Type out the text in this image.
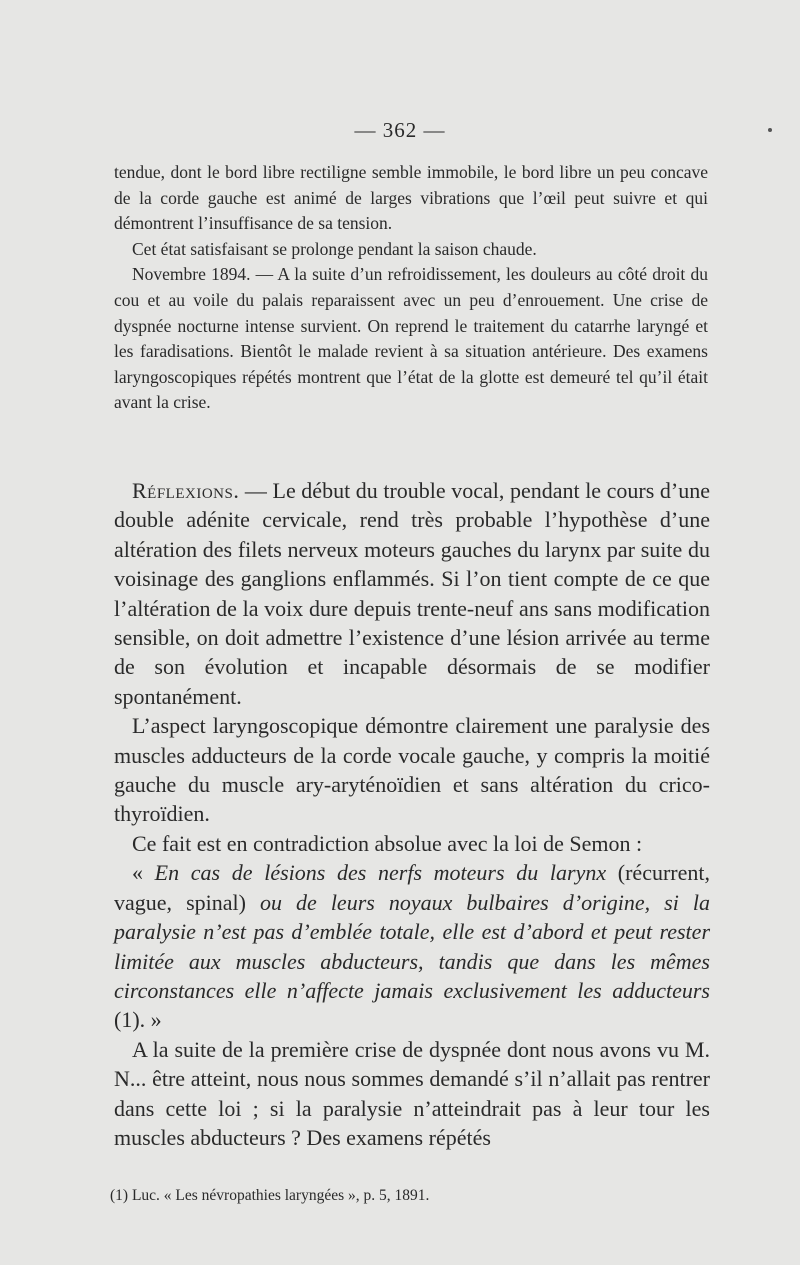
— 362 —

tendue, dont le bord libre rectiligne semble immobile, le bord libre un peu concave de la corde gauche est animé de larges vibrations que l’œil peut suivre et qui démontrent l’insuffisance de sa tension.

Cet état satisfaisant se prolonge pendant la saison chaude.

Novembre 1894. — A la suite d’un refroidissement, les douleurs au côté droit du cou et au voile du palais reparaissent avec un peu d’enrouement. Une crise de dyspnée nocturne intense survient. On reprend le traitement du catarrhe laryngé et les faradisations. Bientôt le malade revient à sa situation antérieure. Des examens laryngoscopiques répétés montrent que l’état de la glotte est demeuré tel qu’il était avant la crise.

Réflexions. — Le début du trouble vocal, pendant le cours d’une double adénite cervicale, rend très probable l’hypothèse d’une altération des filets nerveux moteurs gauches du larynx par suite du voisinage des ganglions enflammés. Si l’on tient compte de ce que l’altération de la voix dure depuis trente-neuf ans sans modification sensible, on doit admettre l’existence d’une lésion arrivée au terme de son évolution et incapable désormais de se modifier spontanément.

L’aspect laryngoscopique démontre clairement une paralysie des muscles adducteurs de la corde vocale gauche, y compris la moitié gauche du muscle ary-aryténoïdien et sans altération du crico-thyroïdien.

Ce fait est en contradiction absolue avec la loi de Semon :

« En cas de lésions des nerfs moteurs du larynx (récurrent, vague, spinal) ou de leurs noyaux bulbaires d’origine, si la paralysie n’est pas d’emblée totale, elle est d’abord et peut rester limitée aux muscles abducteurs, tandis que dans les mêmes circonstances elle n’affecte jamais exclusivement les adducteurs (1). »

A la suite de la première crise de dyspnée dont nous avons vu M. N... être atteint, nous nous sommes demandé s’il n’allait pas rentrer dans cette loi ; si la paralysie n’atteindrait pas à leur tour les muscles abducteurs ? Des examens répétés

(1) Luc. « Les névropathies laryngées », p. 5, 1891.
